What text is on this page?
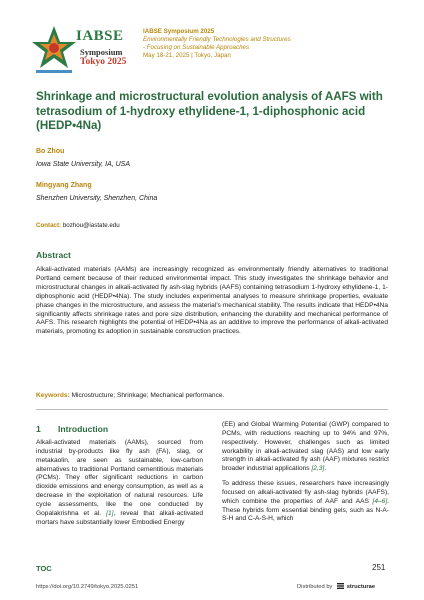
IABSE
Symposium
Tokyo 2025
IABSE Symposium 2025
Environmentally Friendly Technologies and Structures
- Focusing on Sustainable Approaches
May 18-21, 2025 | Tokyo, Japan
Shrinkage and microstructural evolution analysis of AAFS with tetrasodium of 1-hydroxy ethylidene-1, 1-diphosphonic acid (HEDP•4Na)
Bo Zhou
Iowa State University, IA, USA
Mingyang Zhang
Shenzhen University, Shenzhen, China
Contact: bozhou@iastate.edu
Abstract

Alkali-activated materials (AAMs) are increasingly recognized as environmentally friendly alternatives to traditional Portland cement because of their reduced environmental impact. This study investigates the shrinkage behavior and microstructural changes in alkali-activated fly ash-slag hybrids (AAFS) containing tetrasodium 1-hydroxy ethylidene-1, 1-diphosphonic acid (HEDP•4Na). The study includes experimental analyses to measure shrinkage properties, evaluate phase changes in the microstructure, and assess the material’s mechanical stability. The results indicate that HEDP•4Na significantly affects shrinkage rates and pore size distribution, enhancing the durability and mechanical performance of AAFS. This research highlights the potential of HEDP•4Na as an additive to improve the performance of alkali-activated materials, promoting its adoption in sustainable construction practices.

Keywords: Microstructure; Shrinkage; Mechanical performance.
1 Introduction

Alkali-activated materials (AAMs), sourced from industrial by-products like fly ash (FA), slag, or metakaolin, are seen as sustainable, low-carbon alternatives to traditional Portland cementitious materials (PCMs). They offer significant reductions in carbon dioxide emissions and energy consumption, as well as a decrease in the exploitation of natural resources. Life cycle assessments, like the one conducted by Gopalakrishna et al. [1], reveal that alkali-activated mortars have substantially lower Embodied Energy

(EE) and Global Warming Potential (GWP) compared to PCMs, with reductions reaching up to 94% and 97%, respectively. However, challenges such as limited workability in alkali-activated slag (AAS) and low early strength in alkali-activated fly ash (AAF) mixtures restrict broader industrial applications [2,3].

To address these issues, researchers have increasingly focused on alkali-activated fly ash-slag hybrids (AAFS), which combine the properties of AAF and AAS [4–6]. These hybrids form essential binding gels, such as N-A-S-H and C-A-S-H, which

TOC	251
https://doi.org/10.2749/tokyo.2025.0251	Distributed by structurae
